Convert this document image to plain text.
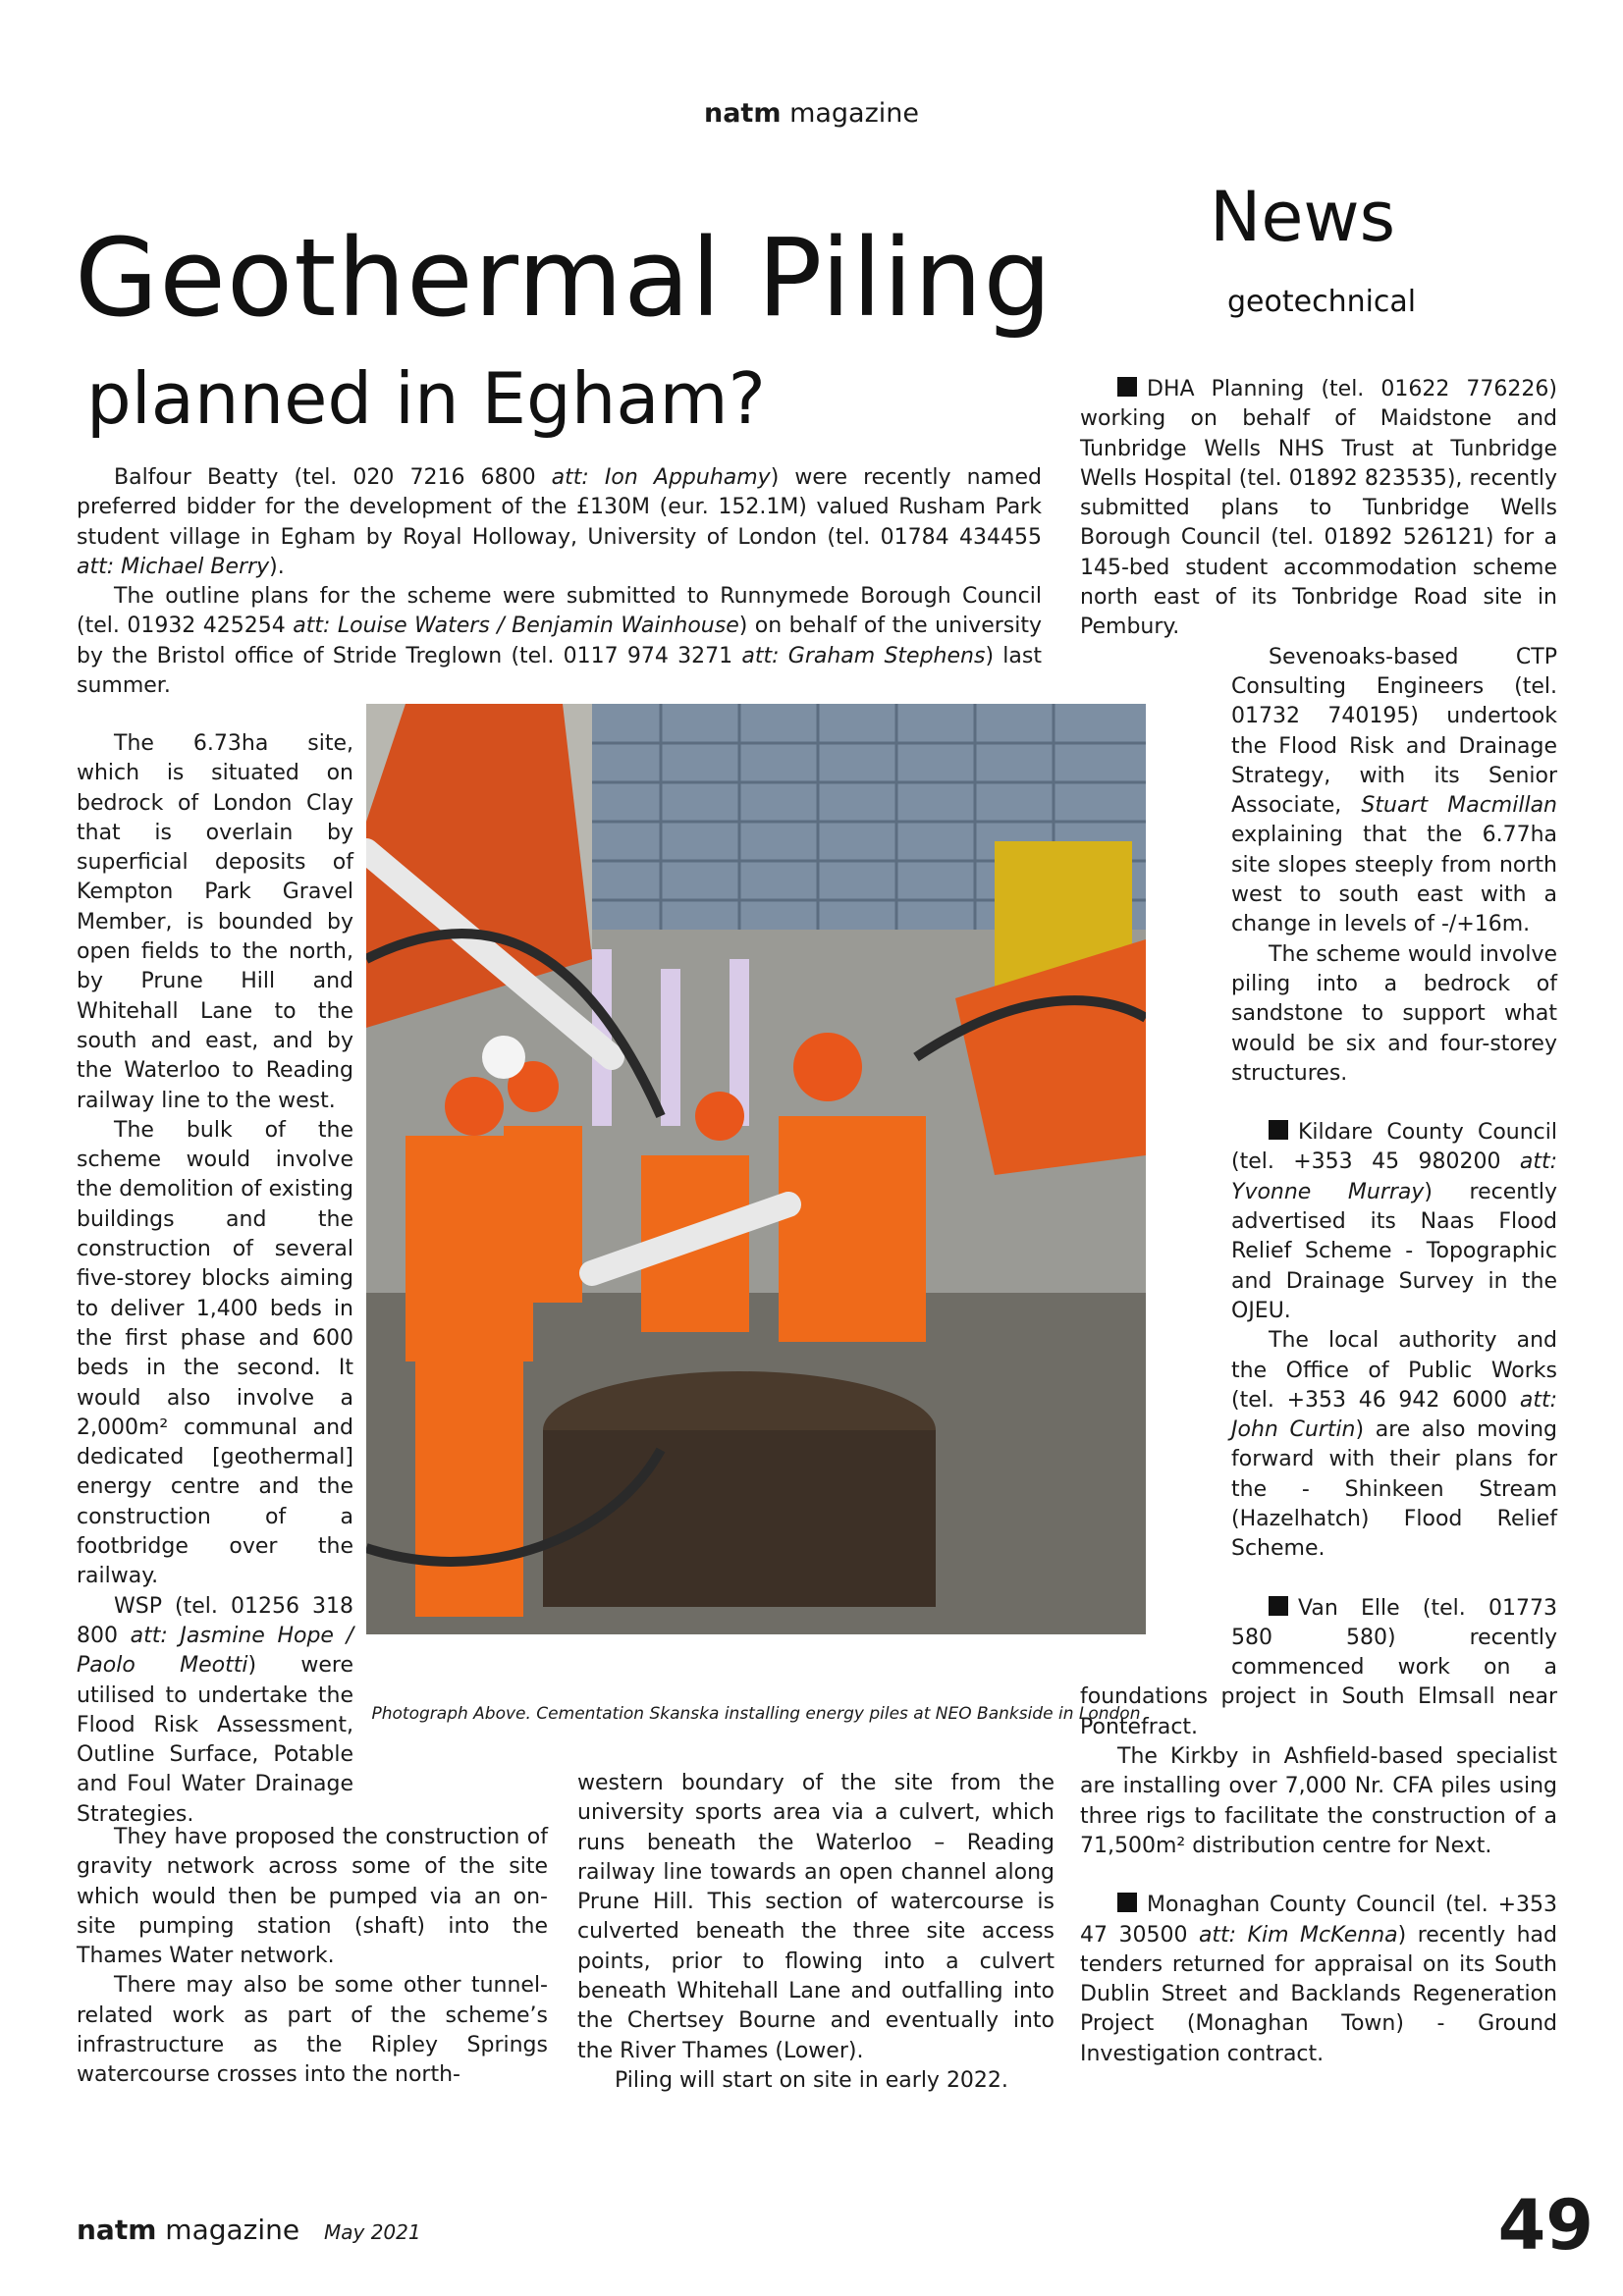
natm magazine
Geothermal Piling
planned in Egham?
News
geotechnical

Balfour Beatty (tel. 020 7216 6800 att: Ion Appuhamy) were recently named preferred bidder for the development of the £130M (eur. 152.1M) valued Rusham Park student village in Egham by Royal Holloway, University of London (tel. 01784 434455 att: Michael Berry).

The outline plans for the scheme were submitted to Runnymede Borough Council (tel. 01932 425254 att: Louise Waters / Benjamin Wainhouse) on behalf of the university by the Bristol office of Stride Treglown (tel. 0117 974 3271 att: Graham Stephens) last summer.

The 6.73ha site, which is situated on bedrock of London Clay that is overlain by superficial deposits of Kempton Park Gravel Member, is bounded by open fields to the north, by Prune Hill and Whitehall Lane to the south and east, and by the Waterloo to Reading railway line to the west.

The bulk of the scheme would involve the demolition of existing buildings and the construction of several five-storey blocks aiming to deliver 1,400 beds in the first phase and 600 beds in the second. It would also involve a 2,000m² communal and dedicated [geothermal] energy centre and the construction of a footbridge over the railway.

WSP (tel. 01256 318 800 att: Jasmine Hope / Paolo Meotti) were utilised to undertake the Flood Risk Assessment, Outline Surface, Potable and Foul Water Drainage Strategies.

They have proposed the construction of gravity network across some of the site which would then be pumped via an on-site pumping station (shaft) into the Thames Water network.

There may also be some other tunnel-related work as part of the scheme’s infrastructure as the Ripley Springs watercourse crosses into the north-

western boundary of the site from the university sports area via a culvert, which runs beneath the Waterloo – Reading railway line towards an open channel along Prune Hill. This section of watercourse is culverted beneath the three site access points, prior to flowing into a culvert beneath Whitehall Lane and outfalling into the Chertsey Bourne and eventually into the River Thames (Lower).

Piling will start on site in early 2022.

Photograph Above. Cementation Skanska installing energy piles at NEO Bankside in London

DHA Planning (tel. 01622 776226) working on behalf of Maidstone and Tunbridge Wells NHS Trust at Tunbridge Wells Hospital (tel. 01892 823535), recently submitted plans to Tunbridge Wells Borough Council (tel. 01892 526121) for a 145-bed student accommodation scheme north east of its Tonbridge Road site in Pembury.

Sevenoaks-based CTP Consulting Engineers (tel. 01732 740195) undertook the Flood Risk and Drainage Strategy, with its Senior Associate, Stuart Macmillan explaining that the 6.77ha site slopes steeply from north west to south east with a change in levels of -/+16m.

The scheme would involve piling into a bedrock of sandstone to support what would be six and four-storey structures.

Kildare County Council (tel. +353 45 980200 att: Yvonne Murray) recently advertised its Naas Flood Relief Scheme - Topographic and Drainage Survey in the OJEU.

The local authority and the Office of Public Works (tel. +353 46 942 6000 att: John Curtin) are also moving forward with their plans for the - Shinkeen Stream (Hazelhatch) Flood Relief Scheme.

Van Elle (tel. 01773 580 580) recently commenced work on a foundations project in South Elmsall near Pontefract.

The Kirkby in Ashfield-based specialist are installing over 7,000 Nr. CFA piles using three rigs to facilitate the construction of a 71,500m² distribution centre for Next.

Monaghan County Council (tel. +353 47 30500 att: Kim McKenna) recently had tenders returned for appraisal on its South Dublin Street and Backlands Regeneration Project (Monaghan Town) - Ground Investigation contract.

natm magazine May 2021	49
